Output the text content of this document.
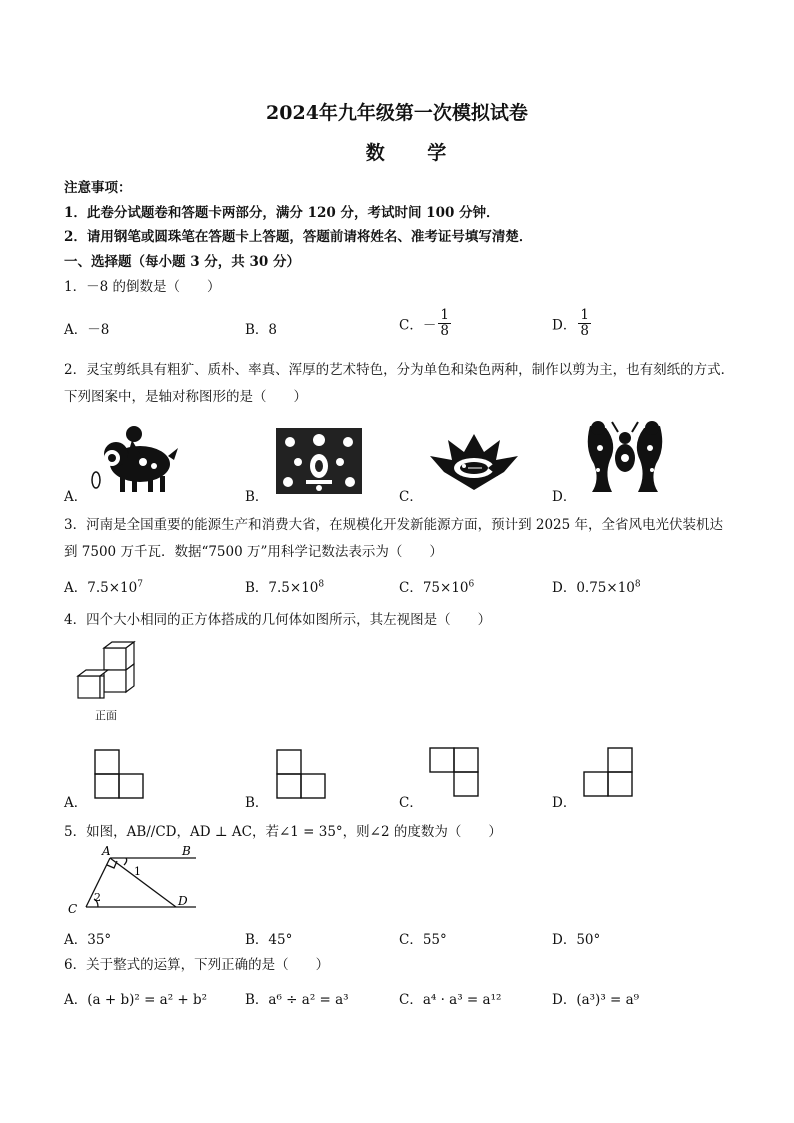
2024年九年级第一次模拟试卷
数 学
注意事项：
1．此卷分试题卷和答题卡两部分，满分 120 分，考试时间 100 分钟．
2．请用钢笔或圆珠笔在答题卡上答题，答题前请将姓名、准考证号填写清楚．
一、选择题（每小题 3 分，共 30 分）
1．－8 的倒数是（　　）
A．－8	B．8	C．－ $\frac{1}{8}$	D． $\frac{1}{8}$
2．灵宝剪纸具有粗犷、质朴、率真、浑厚的艺术特色，分为单色和染色两种，制作以剪为主，也有刻纸的方式．下列图案中，是轴对称图形的是（　　）
A．	B．	C．	D．
3．河南是全国重要的能源生产和消费大省，在规模化开发新能源方面，预计到 2025 年，全省风电光伏装机达到 7500 万千瓦．数据“7500 万”用科学记数法表示为（　　）
A．$7.5\times 10^7$	B．$7.5\times 10^8$	C．$75\times 10^6$	D．$0.75\times 10^8$
4．四个大小相同的正方体搭成的几何体如图所示，其左视图是（　　）
正面
A．	B．	C．	D．
5．如图，AB//CD，AD ⊥ AC，若∠1 = 35°，则∠2 的度数为（　　）
A	B
C
D
1
2
A．35°	B．45°	C．55°	D．50°
6．关于整式的运算，下列正确的是（　　）
A．(a + b)² = a² + b²	B．a⁶ ÷ a² = a³	C．a⁴ · a³ = a¹²	D．(a³)³ = a⁹
